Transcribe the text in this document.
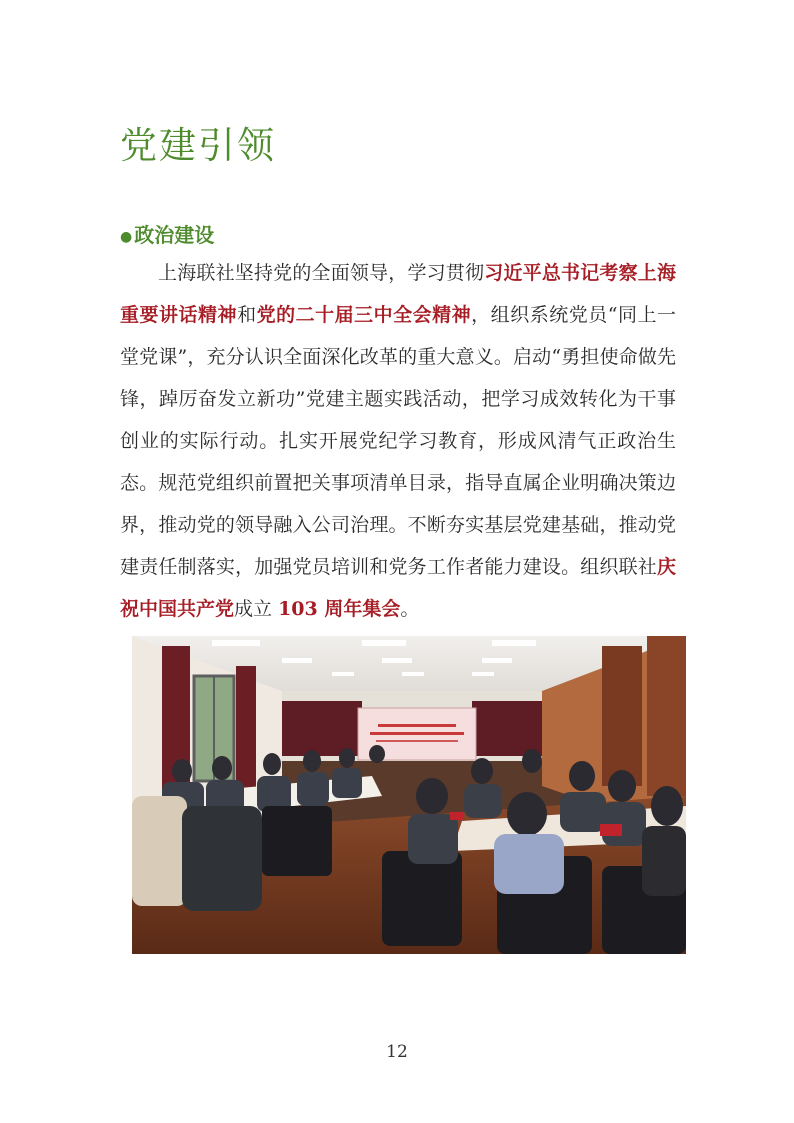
党建引领
● 政治建设

上海联社坚持党的全面领导，学习贯彻习近平总书记考察上海重要讲话精神和党的二十届三中全会精神，组织系统党员“同上一堂党课”，充分认识全面深化改革的重大意义。启动“勇担使命做先锋，踔厉奋发立新功”党建主题实践活动，把学习成效转化为干事创业的实际行动。扎实开展党纪学习教育，形成风清气正政治生态。规范党组织前置把关事项清单目录，指导直属企业明确决策边界，推动党的领导融入公司治理。不断夯实基层党建基础，推动党建责任制落实，加强党员培训和党务工作者能力建设。组织联社庆祝中国共产党成立 103 周年集会。

12
